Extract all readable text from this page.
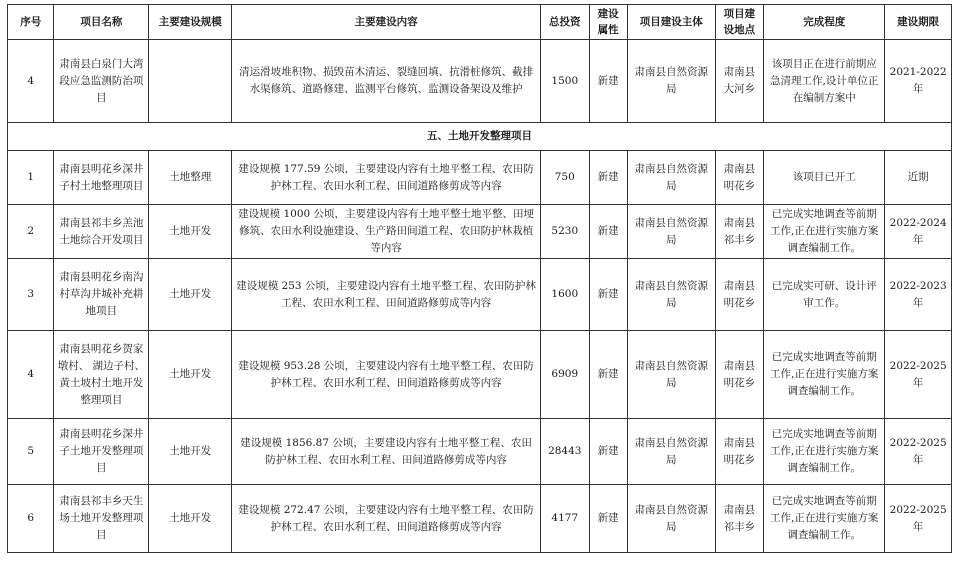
序号	项目名称	主要建设规模	主要建设内容	总投资	建设属性	项目建设主体	项目建设地点	完成程度	建设期限
4	肃南县白泉门大湾段应急监测防治项目		清运滑坡堆积物、损毁苗木清运、裂缝回填、抗滑桩修筑、截排水渠修筑、道路修建、监测平台修筑、监测设备架设及维护	1500	新建	肃南县自然资源局	肃南县大河乡	该项目正在进行前期应急清理工作,设计单位正在编制方案中	2021-2022 年
五、土地开发整理项目									
1	肃南县明花乡深井子村土地整理项目	土地整理	建设规模 177.59 公顷，主要建设内容有土地平整工程、农田防护林工程、农田水利工程、田间道路修剪成等内容	750	新建	肃南县自然资源局	肃南县明花乡	该项目已开工	近期
2	肃南县祁丰乡羔池土地综合开发项目	土地开发	建设规模 1000 公顷，主要建设内容有土地平整土地平整、田埂修筑、农田水利设施建设、生产路田间道工程、农田防护林栽植等内容	5230	新建	肃南县自然资源局	肃南县祁丰乡	已完成实地调查等前期工作,正在进行实施方案调查编制工作。	2022-2024 年
3	肃南县明花乡南沟村草沟井城补充耕地项目	土地开发	建设规模 253 公顷，主要建设内容有土地平整工程、农田防护林工程、农田水利工程、田间道路修剪成等内容	1600	新建	肃南县自然资源局	肃南县明花乡	已完成实可研、设计评审工作。	2022-2023 年
4	肃南县明花乡贺家墩村、 湖边子村、 黄土坡村土地开发整理项目	土地开发	建设规模 953.28 公顷，主要建设内容有土地平整工程、农田防护林工程、农田水利工程、田间道路修剪成等内容	6909	新建	肃南县自然资源局	肃南县明花乡	已完成实地调查等前期工作,正在进行实施方案调查编制工作。	2022-2025 年
5	肃南县明花乡深井子土地开发整理项目	土地开发	建设规模 1856.87 公顷，主要建设内容有土地平整工程、农田防护林工程、农田水利工程、田间道路修剪成等内容	28443	新建	肃南县自然资源局	肃南县明花乡	已完成实地调查等前期工作,正在进行实施方案调查编制工作。	2022-2025 年
6	肃南县祁丰乡天生场土地开发整理项目	土地开发	建设规模 272.47 公顷，主要建设内容有土地平整工程、农田防护林工程、农田水利工程、田间道路修剪成等内容	4177	新建	肃南县自然资源局	肃南县祁丰乡	已完成实地调查等前期工作,正在进行实施方案调查编制工作。	2022-2025 年
